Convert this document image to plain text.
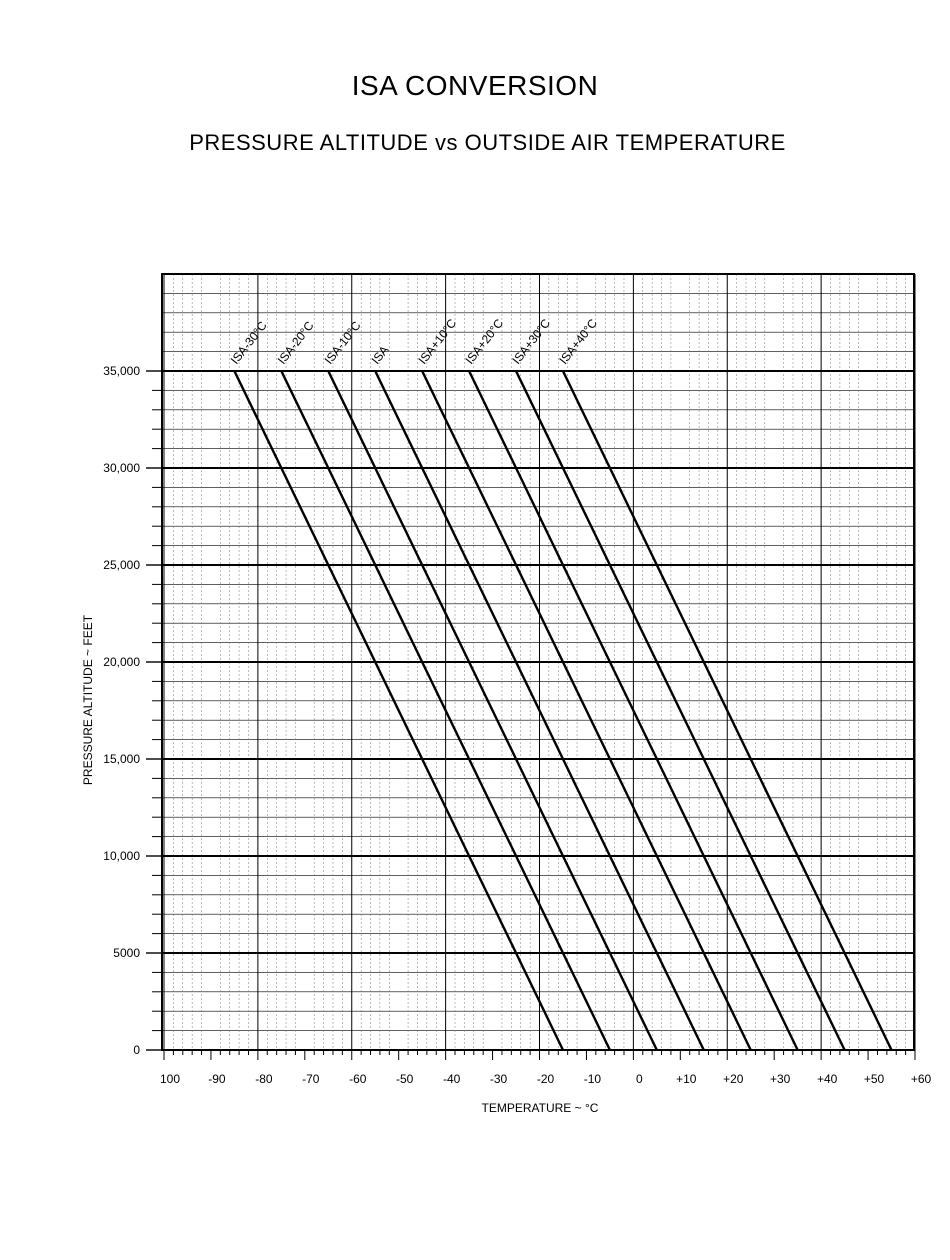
ISA CONVERSION
PRESSURE ALTITUDE vs OUTSIDE AIR TEMPERATURE
0
5000
10,000
15,000
20,000
25,000
30,000
35,000
100 -90 -80 -70 -60 -50 -40 -30 -20 -10	0	+10 +20 +30 +40 +50 +60
ISA-30°C ISA-20°C ISA-10°C ISA ISA+10°C ISA+20°C ISA+30°C ISA+40°C
TEMPERATURE ~ °C
PRESSURE ALTITUDE ~ FEET
